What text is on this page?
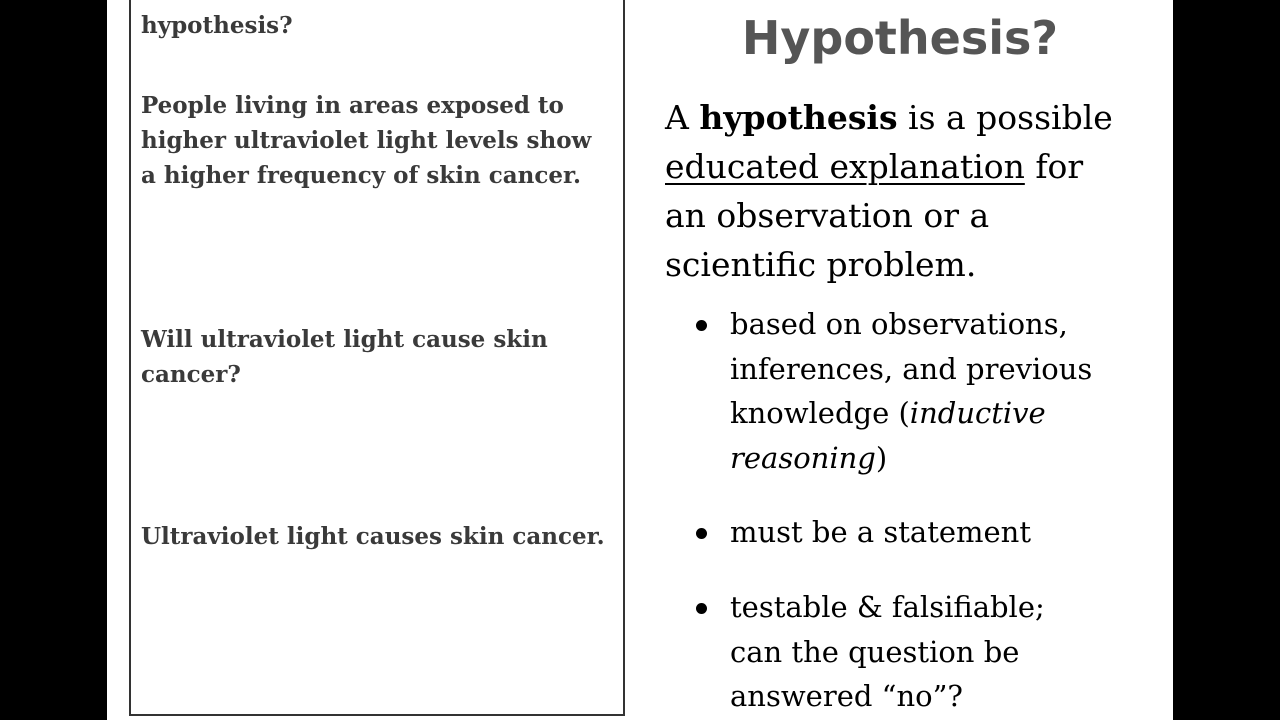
hypothesis?

People living in areas exposed to

higher ultraviolet light levels show

a higher frequency of skin cancer.

Will ultraviolet light cause skin

cancer?

Ultraviolet light causes skin cancer.

Hypothesis?

A hypothesis is a possible
educated explanation for
an observation or a
scientific problem.

based on observations,
inferences, and previous
knowledge (inductive
reasoning)
must be a statement
testable & falsifiable;
can the question be
answered “no”?
